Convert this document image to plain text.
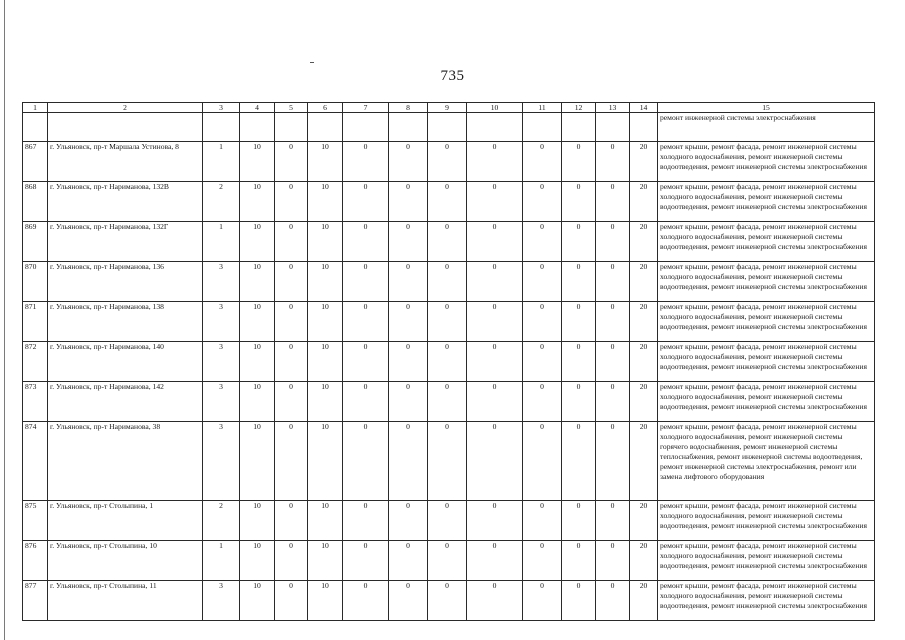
735
1	2	3	4	5	6	7	8	9	10	11	12	13	14	15
														ремонт инженерной системы электроснабжения
867	г. Ульяновск, пр-т Маршала Устинова, 8	1	10	0	10	0	0	0	0	0	0	0	20	ремонт крыши, ремонт фасада, ремонт инженерной системы холодного водоснабжения, ремонт инженерной системы водоотведения, ремонт инженерной системы электроснабжения
868	г. Ульяновск, пр-т Нариманова, 132В	2	10	0	10	0	0	0	0	0	0	0	20	ремонт крыши, ремонт фасада, ремонт инженерной системы холодного водоснабжения, ремонт инженерной системы водоотведения, ремонт инженерной системы электроснабжения
869	г. Ульяновск, пр-т Нариманова, 132Г	1	10	0	10	0	0	0	0	0	0	0	20	ремонт крыши, ремонт фасада, ремонт инженерной системы холодного водоснабжения, ремонт инженерной системы водоотведения, ремонт инженерной системы электроснабжения
870	г. Ульяновск, пр-т Нариманова, 136	3	10	0	10	0	0	0	0	0	0	0	20	ремонт крыши, ремонт фасада, ремонт инженерной системы холодного водоснабжения, ремонт инженерной системы водоотведения, ремонт инженерной системы электроснабжения
871	г. Ульяновск, пр-т Нариманова, 138	3	10	0	10	0	0	0	0	0	0	0	20	ремонт крыши, ремонт фасада, ремонт инженерной системы холодного водоснабжения, ремонт инженерной системы водоотведения, ремонт инженерной системы электроснабжения
872	г. Ульяновск, пр-т Нариманова, 140	3	10	0	10	0	0	0	0	0	0	0	20	ремонт крыши, ремонт фасада, ремонт инженерной системы холодного водоснабжения, ремонт инженерной системы водоотведения, ремонт инженерной системы электроснабжения
873	г. Ульяновск, пр-т Нариманова, 142	3	10	0	10	0	0	0	0	0	0	0	20	ремонт крыши, ремонт фасада, ремонт инженерной системы холодного водоснабжения, ремонт инженерной системы водоотведения, ремонт инженерной системы электроснабжения
874	г. Ульяновск, пр-т Нариманова, 38	3	10	0	10	0	0	0	0	0	0	0	20	ремонт крыши, ремонт фасада, ремонт инженерной системы холодного водоснабжения, ремонт инженерной системы горячего водоснабжения, ремонт инженерной системы теплоснабжения, ремонт инженерной системы водоотведения, ремонт инженерной системы электроснабжения, ремонт или замена лифтового оборудования
875	г. Ульяновск, пр-т Столыпина, 1	2	10	0	10	0	0	0	0	0	0	0	20	ремонт крыши, ремонт фасада, ремонт инженерной системы холодного водоснабжения, ремонт инженерной системы водоотведения, ремонт инженерной системы электроснабжения
876	г. Ульяновск, пр-т Столыпина, 10	1	10	0	10	0	0	0	0	0	0	0	20	ремонт крыши, ремонт фасада, ремонт инженерной системы холодного водоснабжения, ремонт инженерной системы водоотведения, ремонт инженерной системы электроснабжения
877	г. Ульяновск, пр-т Столыпина, 11	3	10	0	10	0	0	0	0	0	0	0	20	ремонт крыши, ремонт фасада, ремонт инженерной системы холодного водоснабжения, ремонт инженерной системы водоотведения, ремонт инженерной системы электроснабжения
